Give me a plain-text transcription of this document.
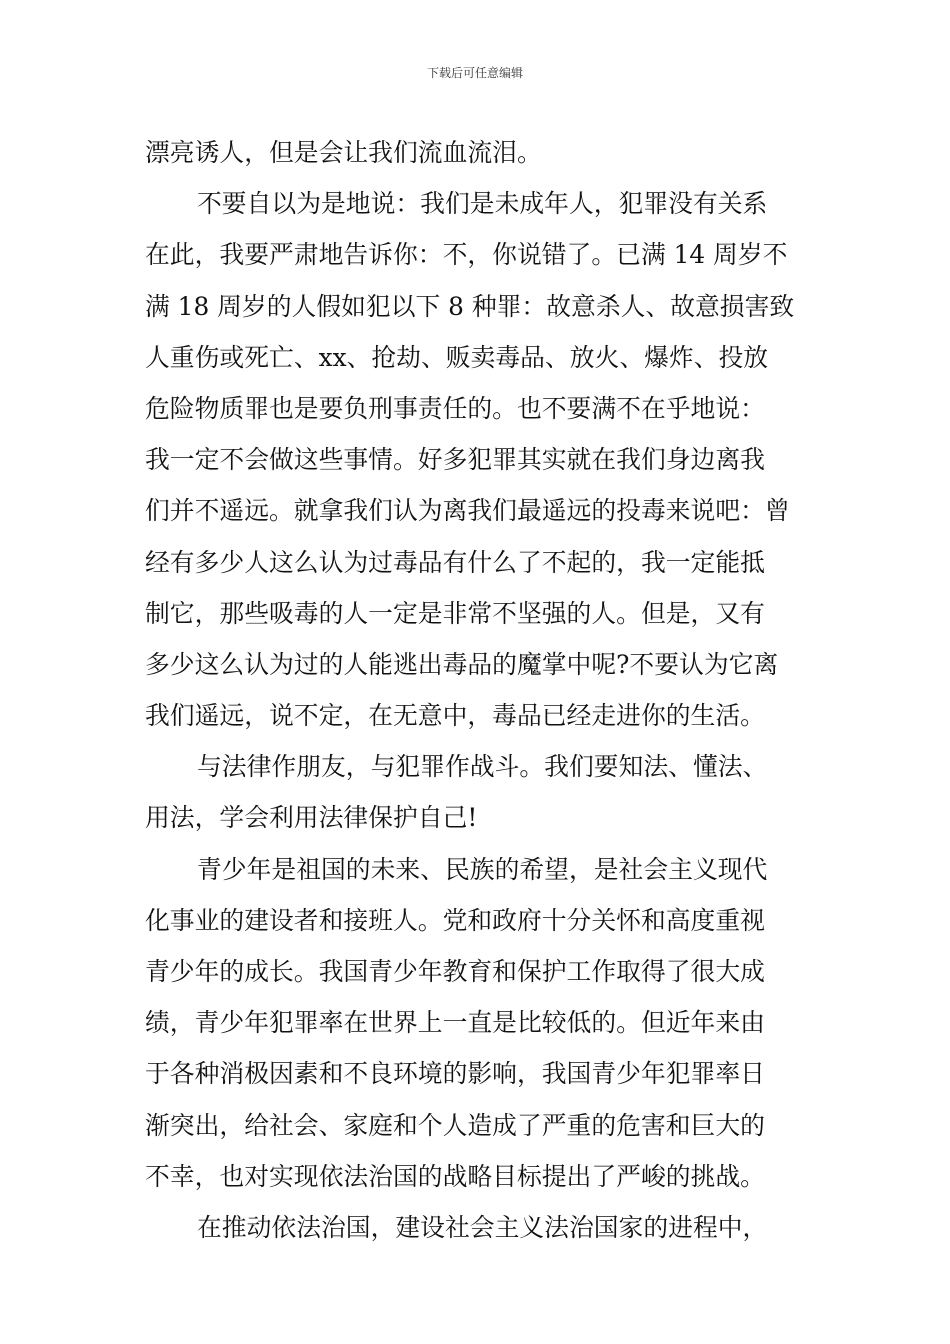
下载后可任意编辑
漂亮诱人，但是会让我们流血流泪。
不要自以为是地说：我们是未成年人，犯罪没有关系
在此，我要严肃地告诉你：不，你说错了。已满 14 周岁不
满 18 周岁的人假如犯以下 8 种罪：故意杀人、故意损害致
人重伤或死亡、xx、抢劫、贩卖毒品、放火、爆炸、投放
危险物质罪也是要负刑事责任的。也不要满不在乎地说：
我一定不会做这些事情。好多犯罪其实就在我们身边离我
们并不遥远。就拿我们认为离我们最遥远的投毒来说吧：曾
经有多少人这么认为过毒品有什么了不起的，我一定能抵
制它，那些吸毒的人一定是非常不坚强的人。但是，又有
多少这么认为过的人能逃出毒品的魔掌中呢?不要认为它离
我们遥远，说不定，在无意中，毒品已经走进你的生活。
与法律作朋友，与犯罪作战斗。我们要知法、懂法、
用法，学会利用法律保护自己!
青少年是祖国的未来、民族的希望，是社会主义现代
化事业的建设者和接班人。党和政府十分关怀和高度重视
青少年的成长。我国青少年教育和保护工作取得了很大成
绩，青少年犯罪率在世界上一直是比较低的。但近年来由
于各种消极因素和不良环境的影响，我国青少年犯罪率日
渐突出，给社会、家庭和个人造成了严重的危害和巨大的
不幸，也对实现依法治国的战略目标提出了严峻的挑战。
在推动依法治国，建设社会主义法治国家的进程中，
